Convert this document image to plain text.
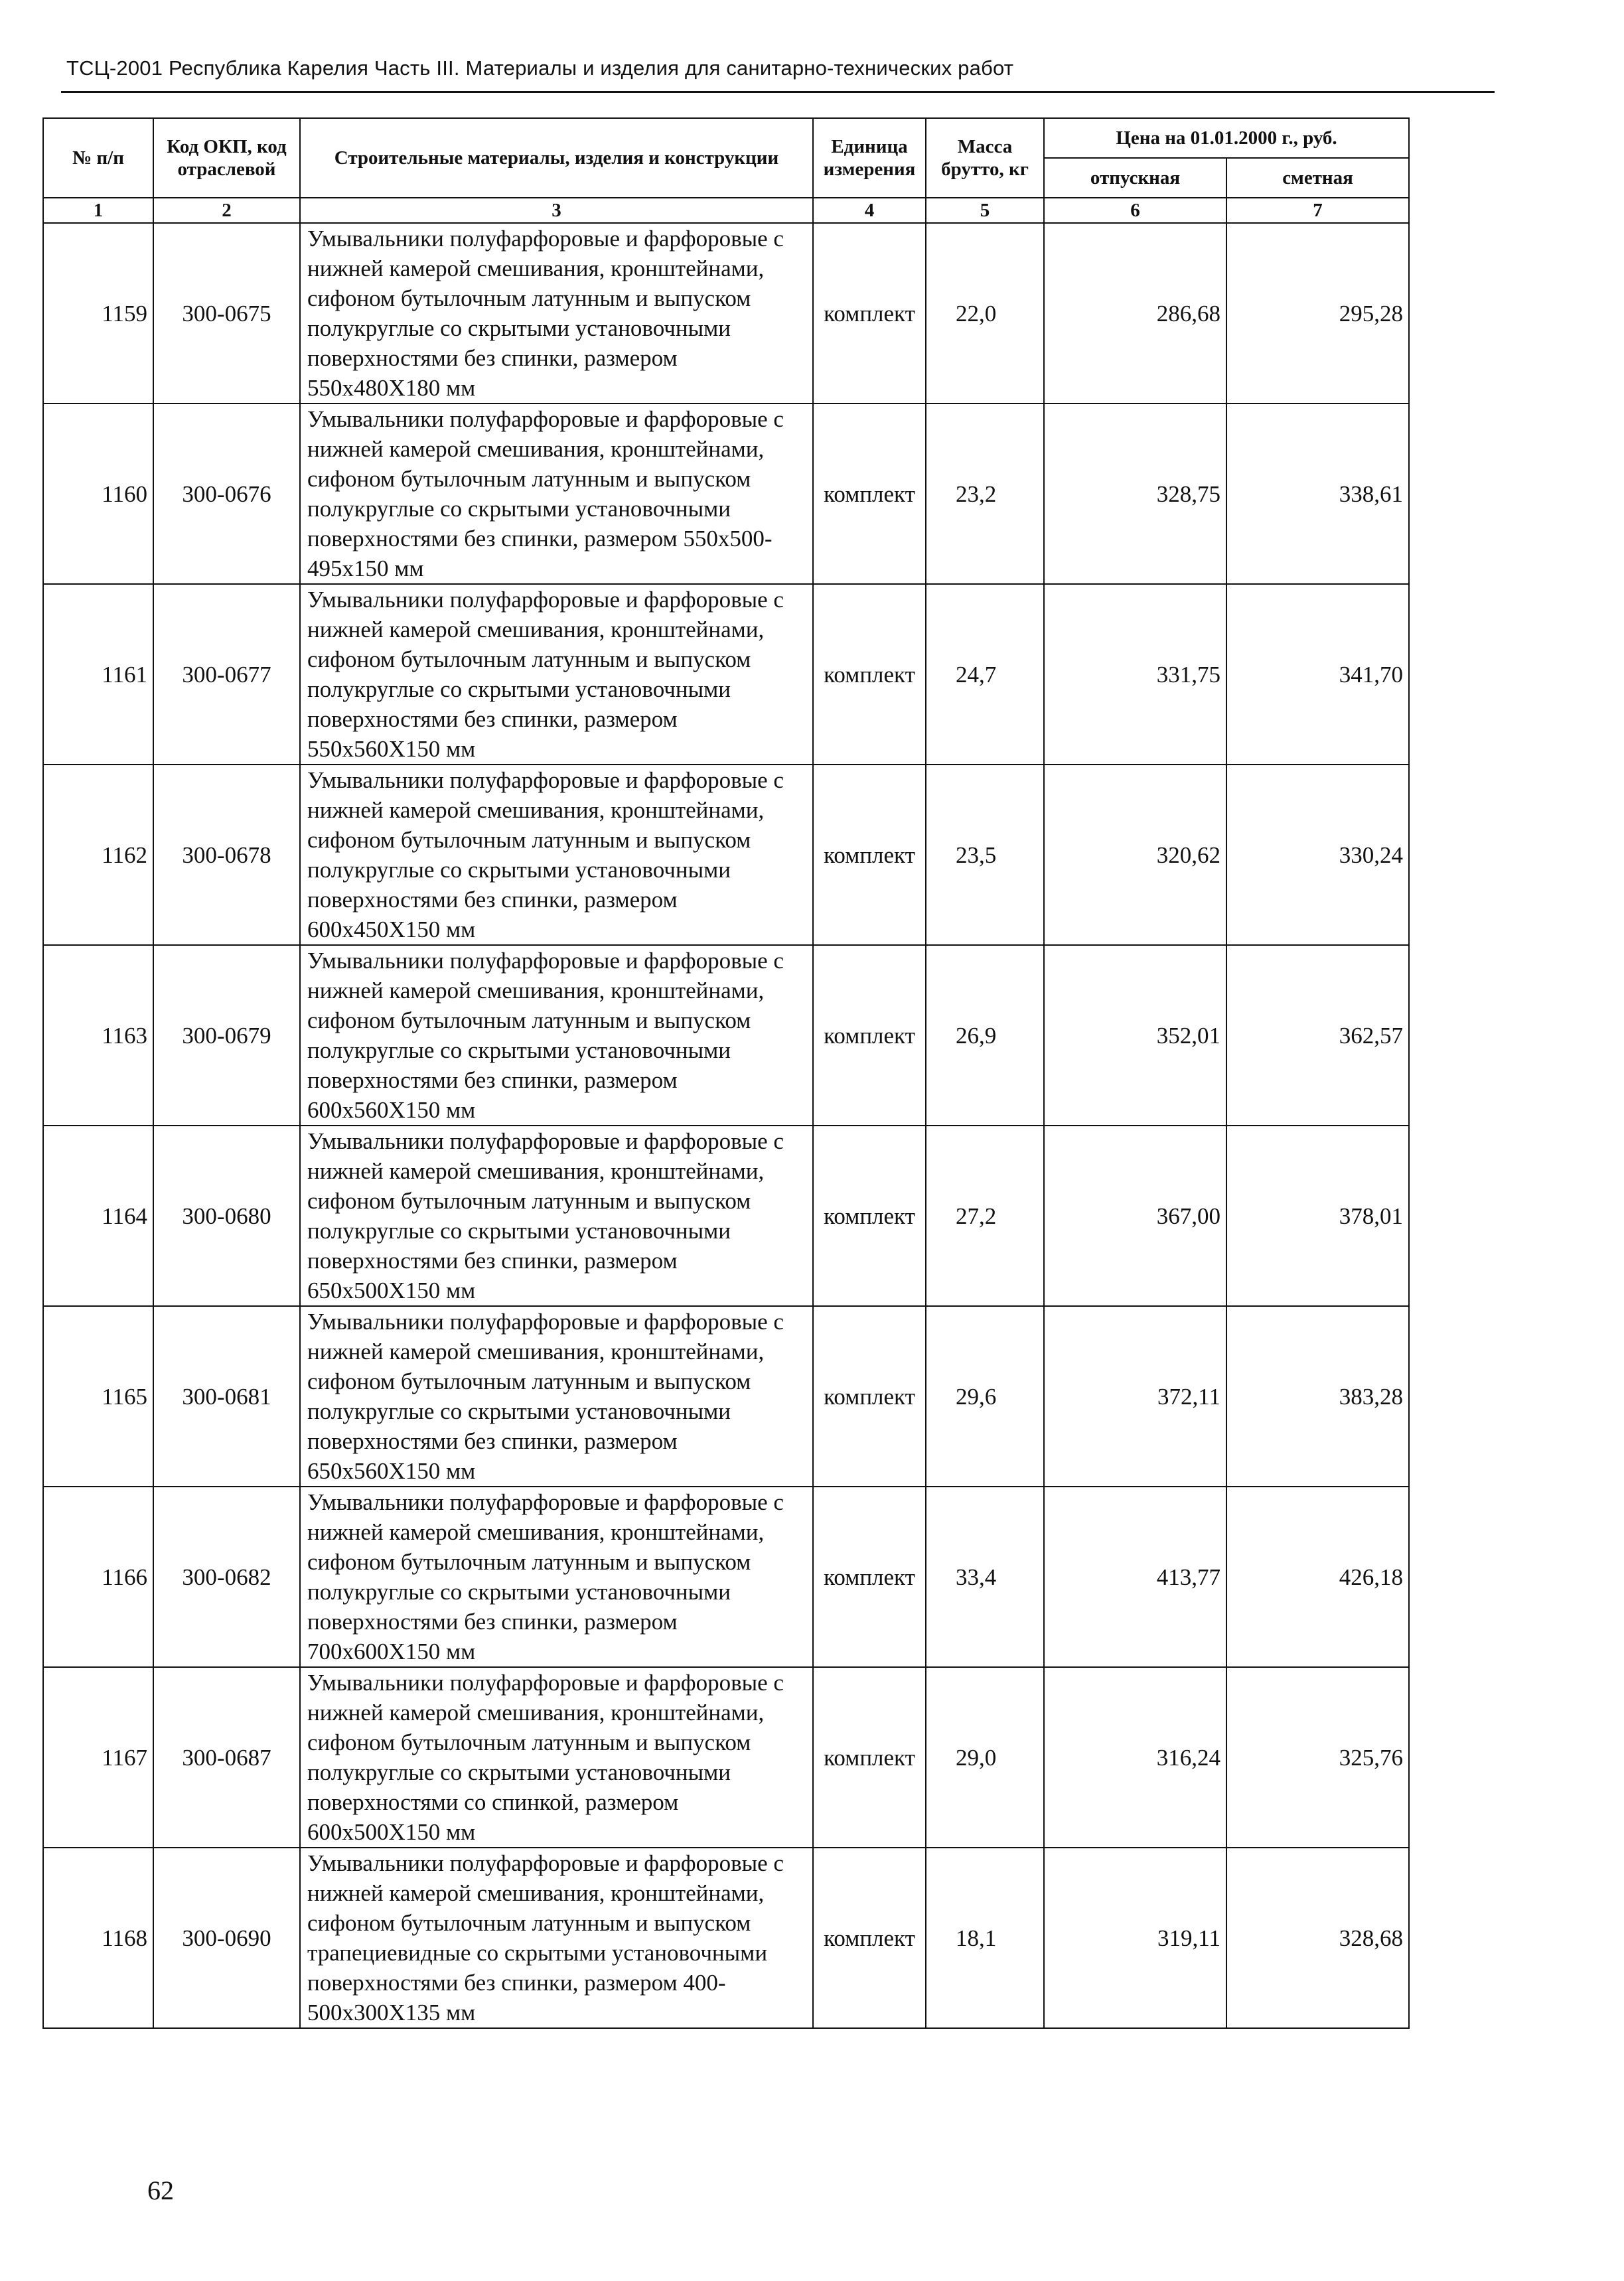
ТСЦ-2001 Республика Карелия Часть III. Материалы и изделия для санитарно-технических работ
№ п/п	Код ОКП, код отраслевой	Строительные материалы, изделия и конструкции	Единица измерения	Масса брутто, кг	Цена на 01.01.2000 г., руб.	
					отпускная	сметная
1	2	3	4	5	6	7
1159	300-0675	Умывальники полуфарфоровые и фарфоровые с нижней камерой смешивания, кронштейнами, сифоном бутылочным латунным и выпуском полукруглые со скрытыми установочными поверхностями без спинки, размером 550x480X180 мм	комплект	22,0	286,68	295,28
1160	300-0676	Умывальники полуфарфоровые и фарфоровые с нижней камерой смешивания, кронштейнами, сифоном бутылочным латунным и выпуском полукруглые со скрытыми установочными поверхностями без спинки, размером 550x500-495x150 мм	комплект	23,2	328,75	338,61
1161	300-0677	Умывальники полуфарфоровые и фарфоровые с нижней камерой смешивания, кронштейнами, сифоном бутылочным латунным и выпуском полукруглые со скрытыми установочными поверхностями без спинки, размером 550x560X150 мм	комплект	24,7	331,75	341,70
1162	300-0678	Умывальники полуфарфоровые и фарфоровые с нижней камерой смешивания, кронштейнами, сифоном бутылочным латунным и выпуском полукруглые со скрытыми установочными поверхностями без спинки, размером 600x450X150 мм	комплект	23,5	320,62	330,24
1163	300-0679	Умывальники полуфарфоровые и фарфоровые с нижней камерой смешивания, кронштейнами, сифоном бутылочным латунным и выпуском полукруглые со скрытыми установочными поверхностями без спинки, размером 600x560X150 мм	комплект	26,9	352,01	362,57
1164	300-0680	Умывальники полуфарфоровые и фарфоровые с нижней камерой смешивания, кронштейнами, сифоном бутылочным латунным и выпуском полукруглые со скрытыми установочными поверхностями без спинки, размером 650x500X150 мм	комплект	27,2	367,00	378,01
1165	300-0681	Умывальники полуфарфоровые и фарфоровые с нижней камерой смешивания, кронштейнами, сифоном бутылочным латунным и выпуском полукруглые со скрытыми установочными поверхностями без спинки, размером 650x560X150 мм	комплект	29,6	372,11	383,28
1166	300-0682	Умывальники полуфарфоровые и фарфоровые с нижней камерой смешивания, кронштейнами, сифоном бутылочным латунным и выпуском полукруглые со скрытыми установочными поверхностями без спинки, размером 700x600X150 мм	комплект	33,4	413,77	426,18
1167	300-0687	Умывальники полуфарфоровые и фарфоровые с нижней камерой смешивания, кронштейнами, сифоном бутылочным латунным и выпуском полукруглые со скрытыми установочными поверхностями со спинкой, размером 600x500X150 мм	комплект	29,0	316,24	325,76
1168	300-0690	Умывальники полуфарфоровые и фарфоровые с нижней камерой смешивания, кронштейнами, сифоном бутылочным латунным и выпуском трапециевидные со скрытыми установочными поверхностями без спинки, размером 400-500x300X135 мм	комплект	18,1	319,11	328,68
62
